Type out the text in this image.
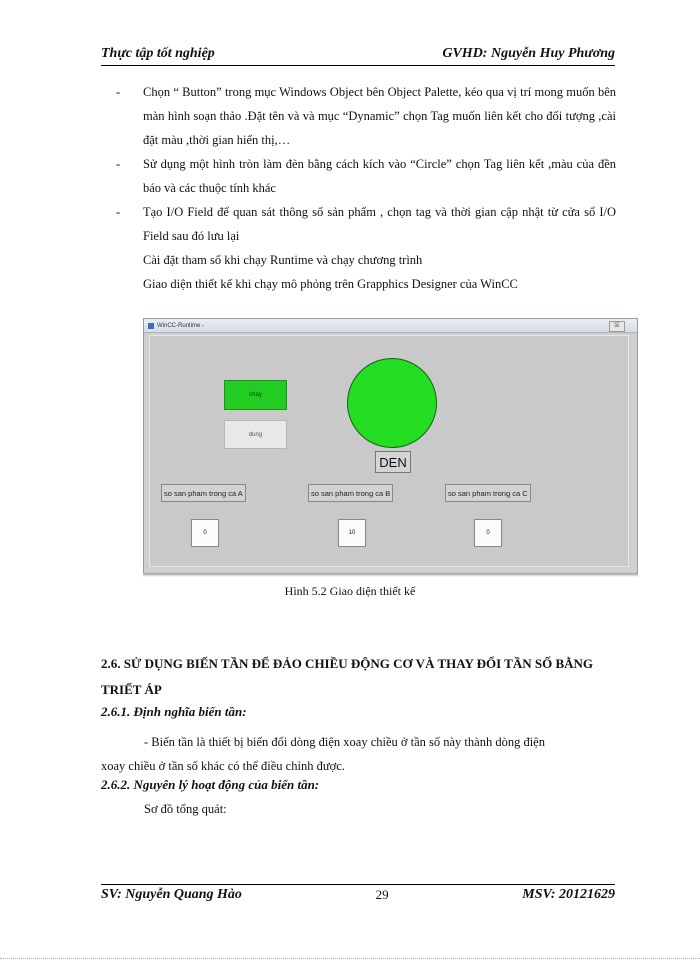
Thực tập tốt nghiệp	GVHD: Nguyễn Huy Phương
- Chọn “ Button” trong mục Windows Object bên Object Palette, kéo qua vị trí mong muốn bên màn hình soạn thảo .Đặt tên và và mục “Dynamic” chọn Tag muốn liên kết cho đối tượng ,cài đặt màu ,thời gian hiển thị,…
- Sử dụng một hình tròn làm đèn bằng cách kích vào “Circle” chọn Tag liên kết ,màu của đền báo và các thuộc tính khác
- Tạo I/O Field để quan sát thông số sản phẩm , chọn tag và thời gian cập nhật từ cửa sổ I/O Field sau đó lưu lại
Cài đặt tham số khi chạy Runtime và chạy chương trình
Giao diện thiết kế khi chạy mô phỏng trên Grapphics Designer của WinCC
WinCC-Runtime -	☒
chay
dung
DEN
so san pham trong ca A	so san pham trong ca B	so san pham trong ca C
0	10	0
Hình 5.2 Giao diện thiết kế
2.6. SỬ DỤNG BIẾN TẦN ĐỂ ĐẢO CHIỀU ĐỘNG CƠ VÀ THAY ĐỔI TẦN SỐ BẰNG TRIẾT ÁP
2.6.1. Định nghĩa biến tần:
- Biến tần là thiết bị biến đổi dòng điện xoay chiều ở tần số này thành dòng điện
xoay chiều ở tần số khác có thể điều chỉnh được.
2.6.2. Nguyên lý hoạt động của biến tần:
Sơ đồ tổng quát:
SV: Nguyễn Quang Hào	29	MSV: 20121629
